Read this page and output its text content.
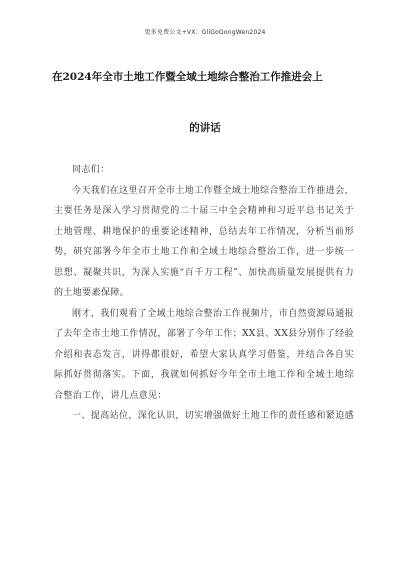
更多免费公文+VX：GliGoGongWen2024
在2024年全市土地工作暨全域土地综合整治工作推进会上
的讲话

同志们：

今天我们在这里召开全市土地工作暨全域土地综合整治工作推进会，主要任务是深入学习贯彻党的二十届三中全会精神和习近平总书记关于土地管理、耕地保护的重要论述精神，总结去年工作情况，分析当前形势，研究部署今年全市土地工作和全域土地综合整治工作，进一步统一思想、凝聚共识，为深入实施“百千万工程”、加快高质量发展提供有力的土地要素保障。

刚才，我们观看了全域土地综合整治工作视频片，市自然资源局通报了去年全市土地工作情况，部署了今年工作；XX县、XX县分别作了经验介绍和表态发言，讲得都很好，希望大家认真学习借鉴，并结合各自实际抓好贯彻落实。下面，我就如何抓好今年全市土地工作和全域土地综合整治工作，讲几点意见：

一、提高站位，深化认识，切实增强做好土地工作的责任感和紧迫感
